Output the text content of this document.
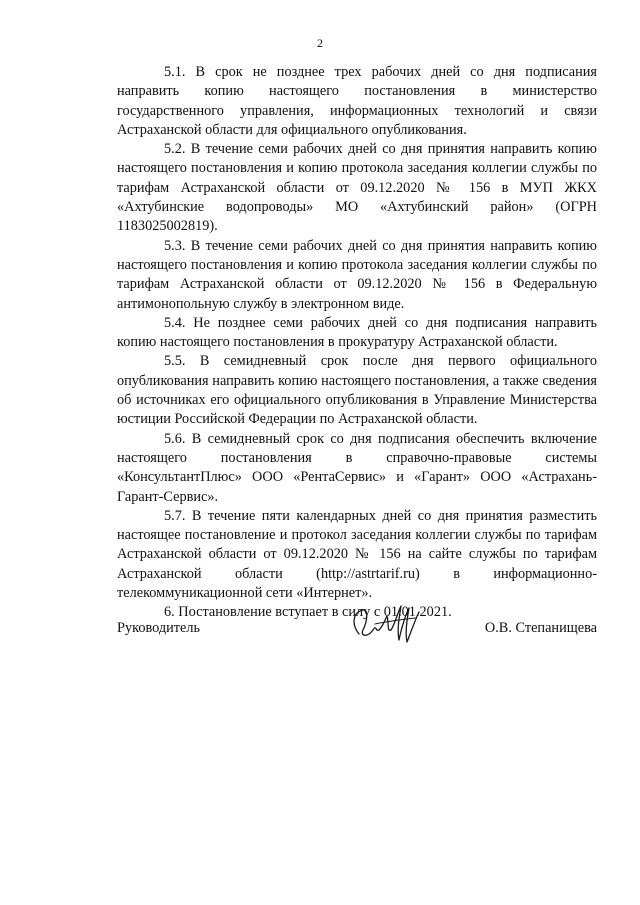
2

5.1. В срок не позднее трех рабочих дней со дня подписания направить копию настоящего постановления в министерство государственного управления, информационных технологий и связи Астраханской области для официального опубликования.

5.2. В течение семи рабочих дней со дня принятия направить копию настоящего постановления и копию протокола заседания коллегии службы по тарифам Астраханской области от 09.12.2020 № 156 в МУП ЖКХ «Ахтубинские водопроводы» МО «Ахтубинский район» (ОГРН 1183025002819).

5.3. В течение семи рабочих дней со дня принятия направить копию настоящего постановления и копию протокола заседания коллегии службы по тарифам Астраханской области от 09.12.2020 № 156 в Федеральную антимонопольную службу в электронном виде.

5.4. Не позднее семи рабочих дней со дня подписания направить копию настоящего постановления в прокуратуру Астраханской области.

5.5. В семидневный срок после дня первого официального опубликования направить копию настоящего постановления, а также сведения об источниках его официального опубликования в Управление Министерства юстиции Российской Федерации по Астраханской области.

5.6. В семидневный срок со дня подписания обеспечить включение настоящего постановления в справочно-правовые системы «КонсультантПлюс» ООО «РентаСервис» и «Гарант» ООО «Астрахань-Гарант-Сервис».

5.7. В течение пяти календарных дней со дня принятия разместить настоящее постановление и протокол заседания коллегии службы по тарифам Астраханской области от 09.12.2020 № 156 на сайте службы по тарифам Астраханской области (http://astrtarif.ru) в информационно-телекоммуникационной сети «Интернет».

6. Постановление вступает в силу с 01.01.2021.

Руководитель	О.В. Степанищева
